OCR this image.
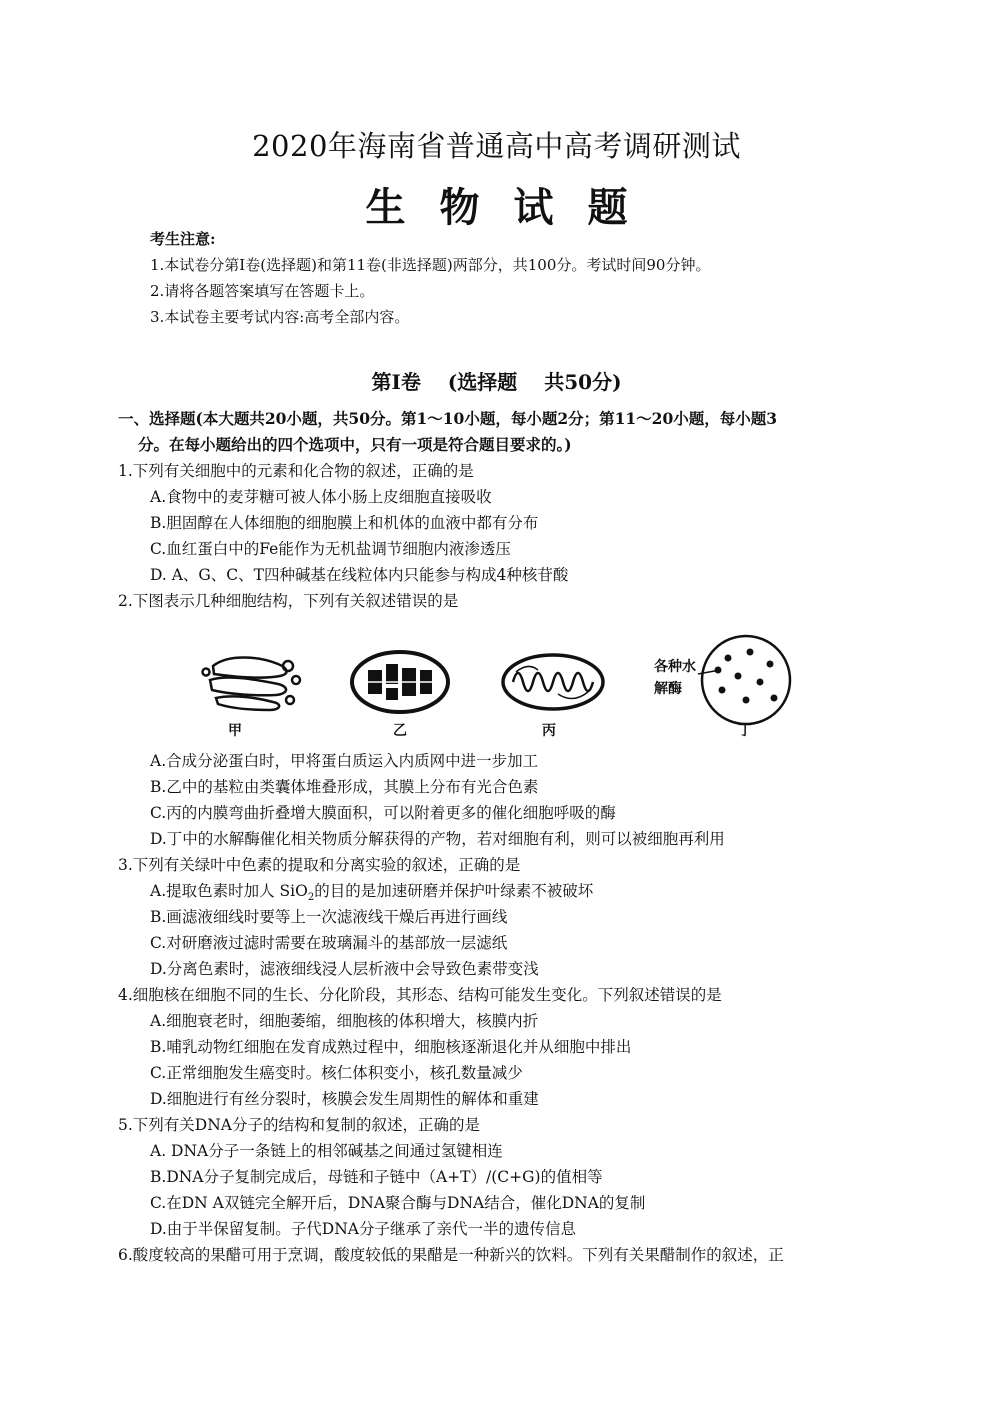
2020年海南省普通高中高考调研测试
生物试题
考生注意:
1.本试卷分第Ⅰ卷(选择题)和第11卷(非选择题)两部分，共100分。考试时间90分钟。
2.请将各题答案填写在答题卡上。
3.本试卷主要考试内容:高考全部内容。
第Ⅰ卷 (选择题 共50分)
一、选择题(本大题共20小题，共50分。第1～10小题，每小题2分；第11～20小题，每小题3
分。在每小题给出的四个选项中，只有一项是符合题目要求的。)
1.下列有关细胞中的元素和化合物的叙述，正确的是
A.食物中的麦芽糖可被人体小肠上皮细胞直接吸收
B.胆固醇在人体细胞的细胞膜上和机体的血液中都有分布
C.血红蛋白中的Fe能作为无机盐调节细胞内液渗透压
D. A、G、C、T四种碱基在线粒体内只能参与构成4种核苷酸
2.下图表示几种细胞结构，下列有关叙述错误的是
各种水
解酶
甲	乙	丙	丁
A.合成分泌蛋白时，甲将蛋白质运入内质网中进一步加工
B.乙中的基粒由类囊体堆叠形成，其膜上分布有光合色素
C.丙的内膜弯曲折叠增大膜面积，可以附着更多的催化细胞呼吸的酶
D.丁中的水解酶催化相关物质分解获得的产物，若对细胞有利，则可以被细胞再利用
3.下列有关绿叶中色素的提取和分离实验的叙述，正确的是
A.提取色素时加人 SiO$_2$的目的是加速研磨并保护叶绿素不被破坏
B.画滤液细线时要等上一次滤液线干燥后再进行画线
C.对研磨液过滤时需要在玻璃漏斗的基部放一层滤纸
D.分离色素时，滤液细线浸人层析液中会导致色素带变浅
4.细胞核在细胞不同的生长、分化阶段，其形态、结构可能发生变化。下列叙述错误的是
A.细胞衰老时，细胞萎缩，细胞核的体积增大，核膜内折
B.哺乳动物红细胞在发育成熟过程中，细胞核逐渐退化并从细胞中排出
C.正常细胞发生癌变时。核仁体积变小，核孔数量减少
D.细胞进行有丝分裂时，核膜会发生周期性的解体和重建
5.下列有关DNA分子的结构和复制的叙述，正确的是
A. DNA分子一条链上的相邻碱基之间通过氢键相连
B.DNA分子复制完成后，母链和子链中（A+T）/(C+G)的值相等
C.在DN A双链完全解开后，DNA聚合酶与DNA结合，催化DNA的复制
D.由于半保留复制。子代DNA分子继承了亲代一半的遗传信息
6.酸度较高的果醋可用于烹调，酸度较低的果醋是一种新兴的饮料。下列有关果醋制作的叙述，正
